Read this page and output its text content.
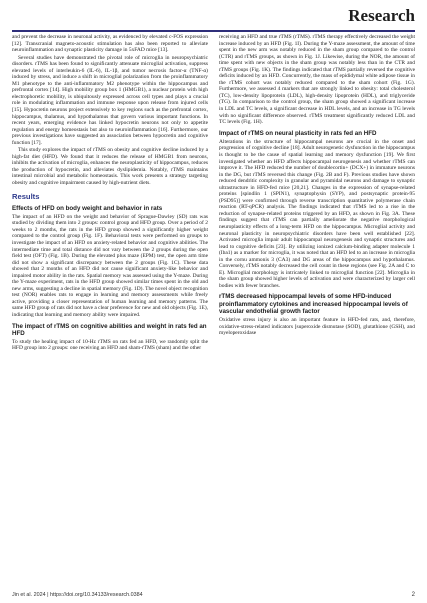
Research

and prevent the decrease in neuronal activity, as evidenced by elevated c-FOS expression [12]. Transcranial magneto-acoustic stimulation has also been reported to alleviate neuroinflammation and synaptic plasticity damage in 5xFAD mice [13].

Several studies have demonstrated the pivotal role of microglia in neuropsychiatric disorders. rTMS has been found to significantly attenuate microglial activation, suppress elevated levels of interleukin-6 (IL-6), IL-1β, and tumor necrosis factor-α (TNF-α) induced by stress, and induce a shift in microglial polarization from the proinflammatory M1 phenotype to the anti-inflammatory M2 phenotype within the hippocampus and prefrontal cortex [14]. High mobility group box 1 (HMGB1), a nuclear protein with high electrophoretic mobility, is ubiquitously expressed across cell types and plays a crucial role in modulating inflammation and immune response upon release from injured cells [15]. Hypocretin neurons project extensively to key regions such as the prefrontal cortex, hippocampus, thalamus, and hypothalamus that govern various important functions. In recent years, emerging evidence has linked hypocretin neurons not only to appetite regulation and energy homeostasis but also to neuroinflammation [16]. Furthermore, our previous investigations have suggested an association between hypocretin and cognitive function [17].

This study explores the impact of rTMS on obesity and cognitive decline induced by a high-fat diet (HFD). We found that it reduces the release of HMGB1 from neurons, inhibits the activation of microglia, enhances the neuroplasticity of hippocampus, reduces the production of hypocretin, and alleviates dyslipidemia. Notably, rTMS maintains intestinal microbial and metabolic homeostasis. This work presents a strategy targeting obesity and cognitive impairment caused by high-nutrient diets.

Results
Effects of HFD on body weight and behavior in rats

The impact of an HFD on the weight and behavior of Sprague-Dawley (SD) rats was studied by dividing them into 2 groups: control group and HFD group. Over a period of 2 weeks to 2 months, the rats in the HFD group showed a significantly higher weight compared to the control group (Fig. 1F). Behavioral tests were performed on groups to investigate the impact of an HFD on anxiety-related behavior and cognitive abilities. The intermediate time and total distance did not vary between the 2 groups during the open field test (OFT) (Fig. 1B). During the elevated plus maze (EPM) test, the open arm time did not show a significant discrepancy between the 2 groups (Fig. 1C). These data showed that 2 months of an HFD did not cause significant anxiety-like behavior and impaired motor ability in the rats. Spatial memory was assessed using the Y-maze. During the Y-maze experiment, rats in the HFD group showed similar times spent in the old and new arms, suggesting a decline in spatial memory (Fig. 1D). The novel object recognition test (NOR) enables rats to engage in learning and memory assessments while freely active, providing a closer representation of human learning and memory patterns. The same HFD group of rats did not have a clear preference for new and old objects (Fig. 1E), indicating that learning and memory ability were impaired.

The impact of rTMS on cognitive abilities and weight in rats fed an HFD

To study the healing impact of 10-Hz rTMS on rats fed an HFD, we randomly split the HFD group into 2 groups: one receiving an HFD and sham-rTMS (sham) and the other

receiving an HFD and true rTMS (rTMS). rTMS therapy effectively decreased the weight increase induced by an HFD (Fig. 1I). During the Y-maze assessment, the amount of time spent in the new arm was notably reduced in the sham group compared to the control (CTR) and rTMS groups, as shown in Fig. 1J. Likewise, during the NOR, the amount of time spent with new objects in the sham group was notably less than in the CTR and rTMS groups (Fig. 1K). The findings indicated that rTMS partially reversed the cognitive deficits induced by an HFD. Concurrently, the mass of epididymal white adipose tissue in the rTMS cohort was notably reduced compared to the sham cohort (Fig. 1G). Furthermore, we assessed 4 markers that are strongly linked to obesity: total cholesterol (TC), low-density lipoprotein (LDL), high-density lipoprotein (HDL), and triglyceride (TG). In comparison to the control group, the sham group showed a significant increase in LDL and TC levels, a significant decrease in HDL levels, and an increase in TG levels with no significant difference observed. rTMS treatment significantly reduced LDL and TC levels (Fig. 1H).

Impact of rTMS on neural plasticity in rats fed an HFD

Alterations in the structure of hippocampal neurons are crucial in the onset and progression of cognitive decline [18]. Adult neurogenetic dysfunction in the hippocampus is thought to be the cause of spatial learning and memory dysfunction [19]. We first investigated whether an HFD affects hippocampal neurogenesis and whether rTMS can improve it. The HFD reduced the number of doublecortin+ (DCX+) in immature neurons in the DG, but rTMS reversed this change (Fig. 2B and F). Previous studies have shown reduced dendritic complexity in granular and pyramidal neurons and damage to synaptic ultrastructure in HFD-fed mice [20,21]. Changes in the expression of synapse-related proteins [spindlin 1 (SPIN1), synaptophysin (SYP), and postsynaptic protein-95 (PSD95)] were confirmed through reverse transcription quantitative polymerase chain reaction (RT-qPCR) analysis. The findings indicated that rTMS led to a rise in the reduction of synapse-related proteins triggered by an HFD, as shown in Fig. 3A. These findings suggest that rTMS can partially ameliorate the negative morphological neuroplasticity effects of a long-term HFD on the hippocampus. Microglial activity and neuronal plasticity in neuropsychiatric disorders have been well established [22]. Activated microglia impair adult hippocampal neurogenesis and synaptic structures and lead to cognitive deficits [23]. By utilizing ionized calcium-binding adapter molecule 1 (Iba1) as a marker for microglia, it was noted that an HFD led to an increase in microglia in the cornu ammonis 3 (CA3) and DG areas of the hippocampus and hypothalamus. Conversely, rTMS notably decreased the cell count in these regions (see Fig. 2A and C to E). Microglial morphology is intricately linked to microglial function [22]. Microglia in the sham group showed higher levels of activation and were characterized by larger cell bodies with fewer branches.

rTMS decreased hippocampal levels of some HFD-induced proinflammatory cytokines and increased hippocampal levels of vascular endothelial growth factor

Oxidative stress injury is also an important feature in HFD-fed rats, and, therefore, oxidative-stress-related indicators [superoxide dismutase (SOD), glutathione (GSH), and myeloperoxidase

Jin et al. 2024 | https://doi.org/10.34133/research.0384	2
